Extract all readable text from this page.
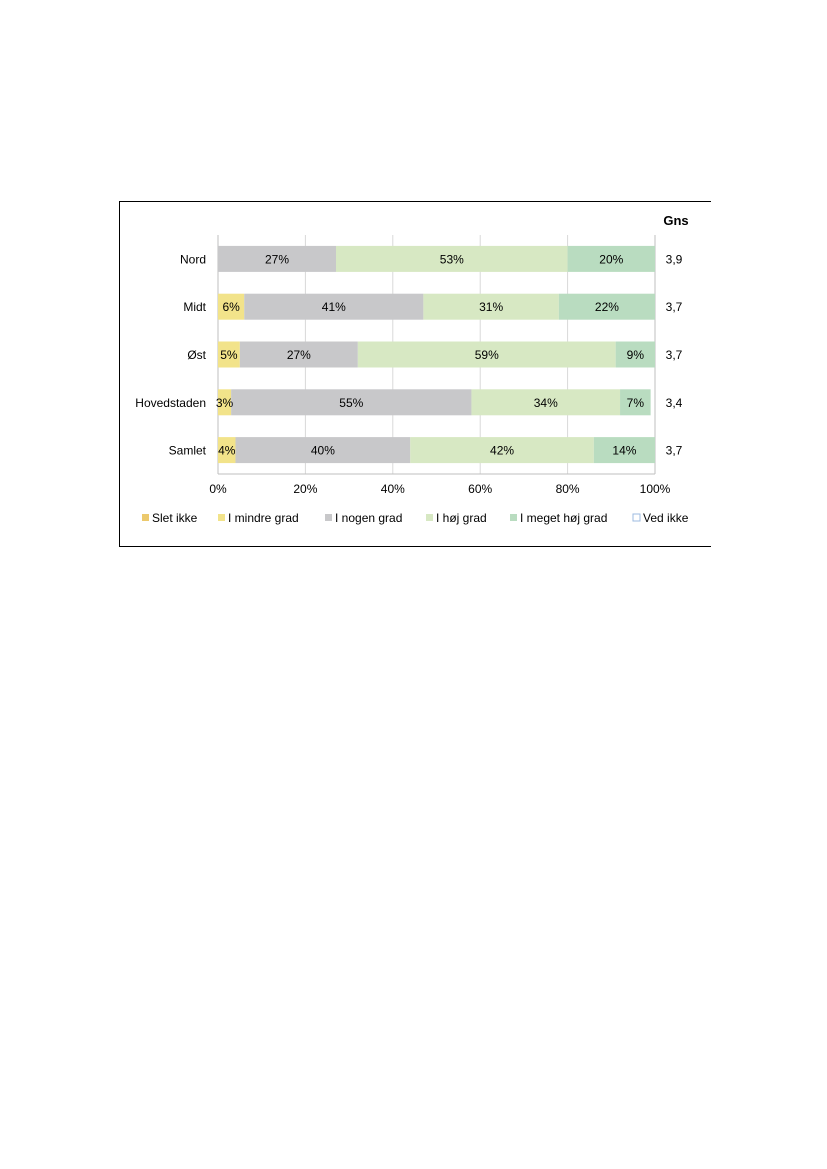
27%	53%	20%
6%	41%	31%	22%
5%	27%	59%	9%
3%	55%	34%	7%
4%	40%	42%	14%
Nord
Midt
Øst
Hovedstaden
Samlet
0%	20%	40%	60%	80%	100%
Gns
3,9
3,7
3,7
3,4
3,7
Slet ikke	I mindre grad	I nogen grad	I høj grad	I meget høj grad	Ved ikke
